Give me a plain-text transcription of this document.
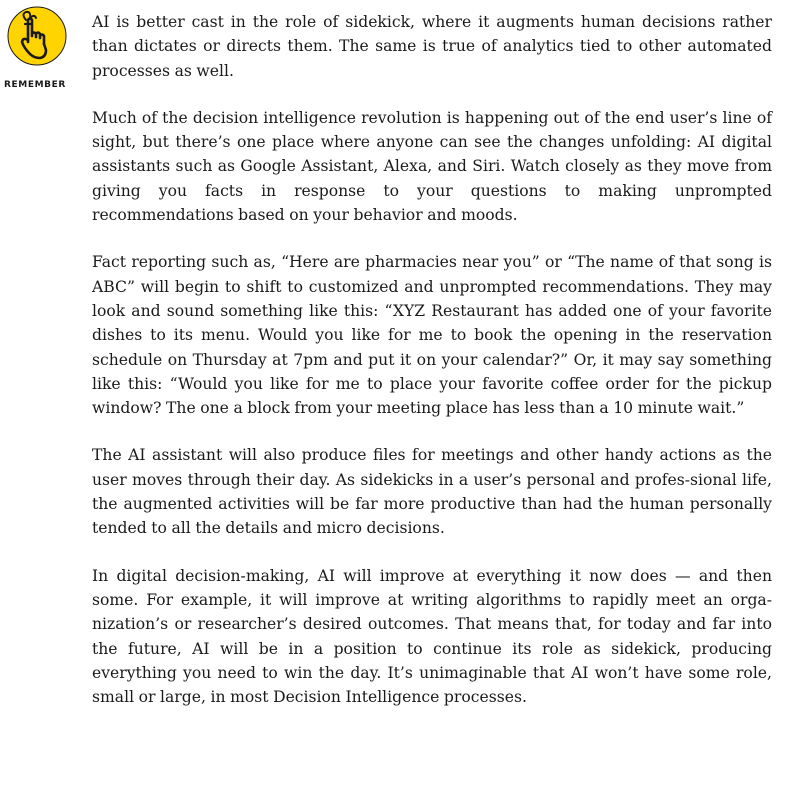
REMEMBER

AI is better cast in the role of sidekick, where it augments human decisions rather than dictates or directs them. The same is true of analytics tied to other automated processes as well.

Much of the decision intelligence revolution is happening out of the end user’s line of sight, but there’s one place where anyone can see the changes unfolding: AI digital assistants such as Google Assistant, Alexa, and Siri. Watch closely as they move from giving you facts in response to your questions to making unprompted recommendations based on your behavior and moods.

Fact reporting such as, “Here are pharmacies near you” or “The name of that song is ABC” will begin to shift to customized and unprompted recommendations. They may look and sound something like this: “XYZ Restaurant has added one of your favorite dishes to its menu. Would you like for me to book the opening in the reservation schedule on Thursday at 7pm and put it on your calendar?” Or, it may say something like this: “Would you like for me to place your favorite coffee order for the pickup window? The one a block from your meeting place has less than a 10 minute wait.”

The AI assistant will also produce files for meetings and other handy actions as the user moves through their day. As sidekicks in a user’s personal and profes-sional life, the augmented activities will be far more productive than had the human personally tended to all the details and micro decisions.

In digital decision-making, AI will improve at everything it now does — and then some. For example, it will improve at writing algorithms to rapidly meet an orga-nization’s or researcher’s desired outcomes. That means that, for today and far into the future, AI will be in a position to continue its role as sidekick, producing everything you need to win the day. It’s unimaginable that AI won’t have some role, small or large, in most Decision Intelligence processes.
